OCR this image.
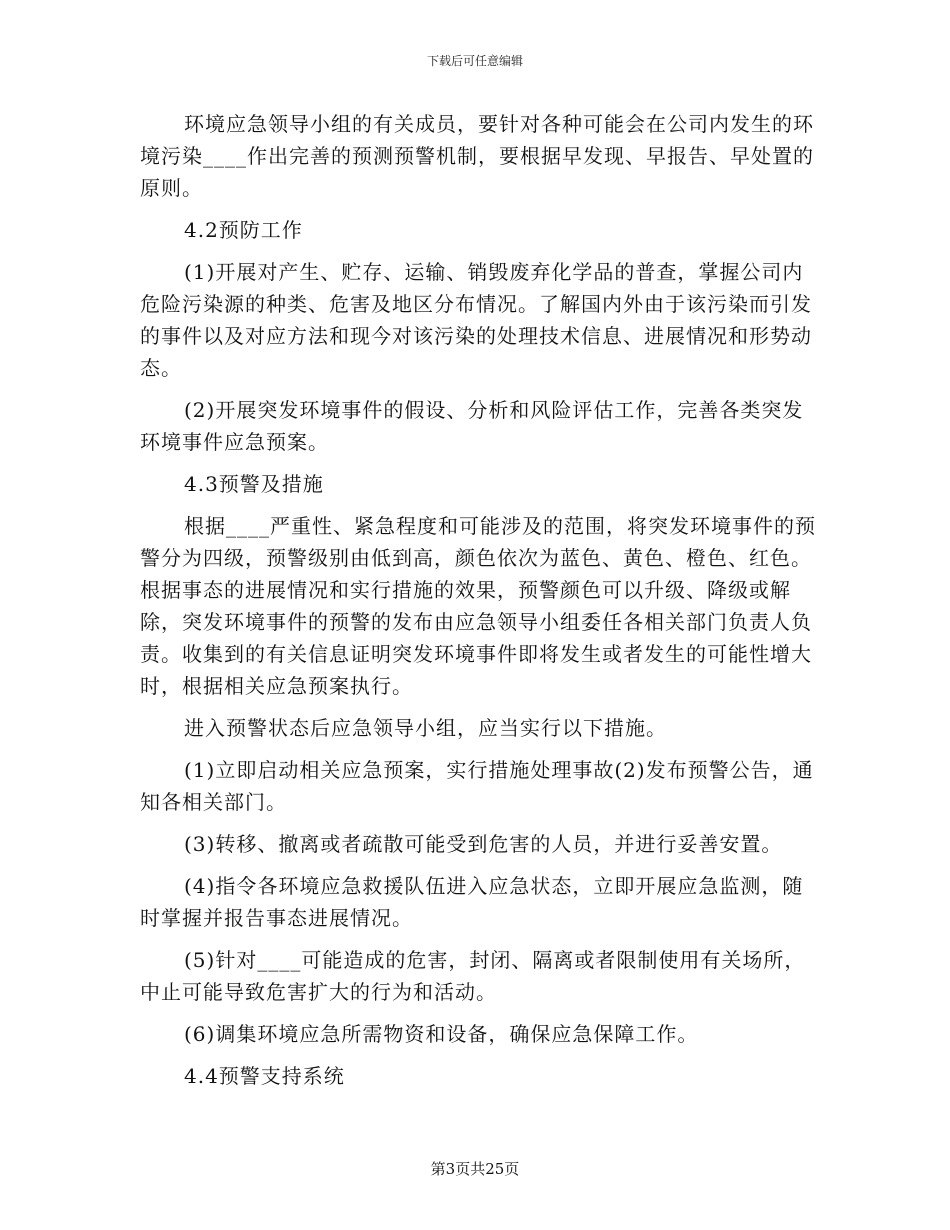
下载后可任意编辑

环境应急领导小组的有关成员，要针对各种可能会在公司内发生的环境污染____作出完善的预测预警机制，要根据早发现、早报告、早处置的原则。

4.2预防工作

(1)开展对产生、贮存、运输、销毁废弃化学品的普查，掌握公司内危险污染源的种类、危害及地区分布情况。了解国内外由于该污染而引发的事件以及对应方法和现今对该污染的处理技术信息、进展情况和形势动态。

(2)开展突发环境事件的假设、分析和风险评估工作，完善各类突发环境事件应急预案。

4.3预警及措施

根据____严重性、紧急程度和可能涉及的范围，将突发环境事件的预警分为四级，预警级别由低到高，颜色依次为蓝色、黄色、橙色、红色。根据事态的进展情况和实行措施的效果，预警颜色可以升级、降级或解除，突发环境事件的预警的发布由应急领导小组委任各相关部门负责人负责。收集到的有关信息证明突发环境事件即将发生或者发生的可能性增大时，根据相关应急预案执行。

进入预警状态后应急领导小组，应当实行以下措施。

(1)立即启动相关应急预案，实行措施处理事故(2)发布预警公告，通知各相关部门。

(3)转移、撤离或者疏散可能受到危害的人员，并进行妥善安置。

(4)指令各环境应急救援队伍进入应急状态，立即开展应急监测，随时掌握并报告事态进展情况。

(5)针对____可能造成的危害，封闭、隔离或者限制使用有关场所，中止可能导致危害扩大的行为和活动。

(6)调集环境应急所需物资和设备，确保应急保障工作。

4.4预警支持系统

第3页共25页
